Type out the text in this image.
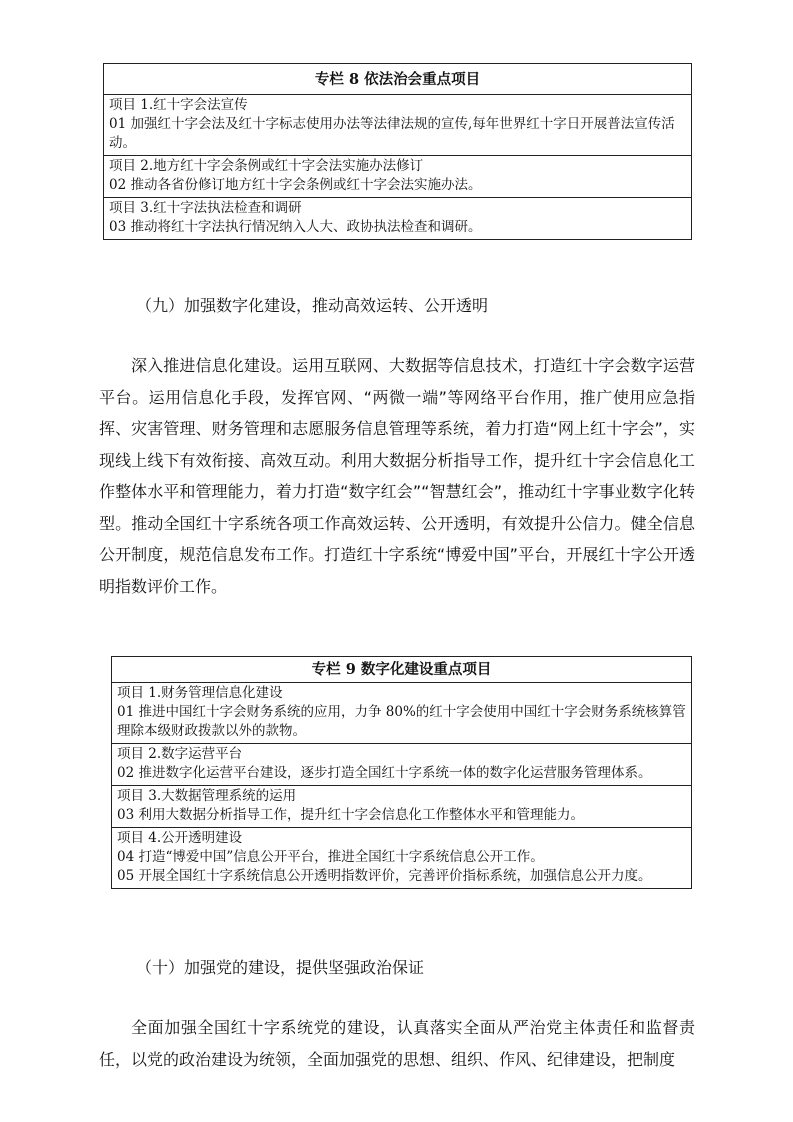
专栏 8 依法治会重点项目
项目 1.红十字会法宣传
01 加强红十字会法及红十字标志使用办法等法律法规的宣传,每年世界红十字日开展普法宣传活动。
项目 2.地方红十字会条例或红十字会法实施办法修订
02 推动各省份修订地方红十字会条例或红十字会法实施办法。
项目 3.红十字法执法检查和调研
03 推动将红十字法执行情况纳入人大、政协执法检查和调研。
（九）加强数字化建设，推动高效运转、公开透明

深入推进信息化建设。运用互联网、大数据等信息技术，打造红十字会数字运营平台。运用信息化手段，发挥官网、“两微一端”等网络平台作用，推广使用应急指挥、灾害管理、财务管理和志愿服务信息管理等系统，着力打造“网上红十字会”，实现线上线下有效衔接、高效互动。利用大数据分析指导工作，提升红十字会信息化工作整体水平和管理能力，着力打造“数字红会”“智慧红会”，推动红十字事业数字化转型。推动全国红十字系统各项工作高效运转、公开透明，有效提升公信力。健全信息公开制度，规范信息发布工作。打造红十字系统“博爱中国”平台，开展红十字公开透明指数评价工作。

专栏 9 数字化建设重点项目
项目 1.财务管理信息化建设
01 推进中国红十字会财务系统的应用，力争 80%的红十字会使用中国红十字会财务系统核算管理除本级财政拨款以外的款物。
项目 2.数字运营平台
02 推进数字化运营平台建设，逐步打造全国红十字系统一体的数字化运营服务管理体系。
项目 3.大数据管理系统的运用
03 利用大数据分析指导工作，提升红十字会信息化工作整体水平和管理能力。
项目 4.公开透明建设
04 打造“博爱中国”信息公开平台，推进全国红十字系统信息公开工作。
05 开展全国红十字系统信息公开透明指数评价，完善评价指标系统，加强信息公开力度。
（十）加强党的建设，提供坚强政治保证

全面加强全国红十字系统党的建设，认真落实全面从严治党主体责任和监督责任，以党的政治建设为统领，全面加强党的思想、组织、作风、纪律建设，把制度
